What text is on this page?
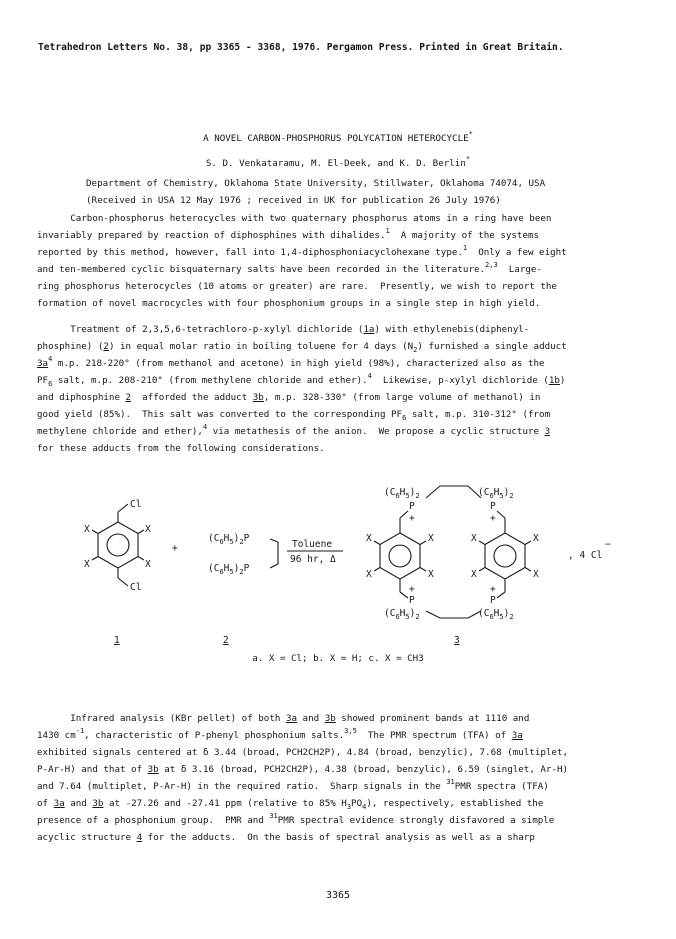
Tetrahedron Letters No. 38, pp 3365 - 3368, 1976. Pergamon Press. Printed in Great Britain.
A NOVEL CARBON-PHOSPHORUS POLYCATION HETEROCYCLE*
S. D. Venkataramu, M. El-Deek, and K. D. Berlin*
Department of Chemistry, Oklahoma State University, Stillwater, Oklahoma 74074, USA
(Received in USA 12 May 1976 ; received in UK for publication 26 July 1976)
Carbon-phosphorus heterocycles with two quaternary phosphorus atoms in a ring have been
invariably prepared by reaction of diphosphines with dihalides.$^1$  A majority of the systems
reported by this method, however, fall into 1,4-diphosphoniacyclohexane type.$^1$  Only a few eight
and ten-membered cyclic bisquaternary salts have been recorded in the literature.$^{2,3}$  Large-
ring phosphorus heterocycles (10 atoms or greater) are rare.  Presently, we wish to report the
formation of novel macrocycles with four phosphonium groups in a single step in high yield.
Treatment of 2,3,5,6-tetrachloro-p-xylyl dichloride (1a) with ethylenebis(diphenyl-
phosphine) (2) in equal molar ratio in boiling toluene for 4 days $(N_2)$ furnished a single adduct
$3a^4$ m.p. 218-220° (from methanol and acetone) in high yield (98%), characterized also as the
$PF_6$ salt, m.p. 208-210° (from methylene chloride and ether).$^4$  Likewise, p-xylyl dichloride (1b)
and diphosphine 2  afforded the adduct 3b, m.p. 328-330° (from large volume of methanol) in
good yield (85%).  This salt was converted to the corresponding $PF_6$ salt, m.p. 310-312° (from
methylene chloride and ether),$^4$ via metathesis of the anion.  We propose a cyclic structure 3
for these adducts from the following considerations.
Cl
Cl
X	X
X	X
+
$(C_6H_5)_2P$
$(C_6H_5)_2P$
Toluene
96 hr, Δ
$(C_6H_5)_2$	$(C_6H_5)_2$
P	P
+	+
X	X
X	X
X	X
X	X
+	+
P	P
$(C_6H_5)_2$	$(C_6H_5)_2$
, 4 Cl
−
1	2	3
a. X = Cl; b. X = H; c. X = CH3
Infrared analysis (KBr pellet) of both 3a and 3b showed prominent bands at 1110 and
1430 $cm^{-1}$, characteristic of P-phenyl phosphonium salts.$^{3,5}$  The PMR spectrum (TFA) of 3a
exhibited signals centered at δ 3.44 (broad, PCH2CH2P), 4.84 (broad, benzylic), 7.68 (multiplet,
P-Ar-H) and that of 3b at δ 3.16 (broad, PCH2CH2P), 4.38 (broad, benzylic), 6.59 (singlet, Ar-H)
and 7.64 (multiplet, P-Ar-H) in the required ratio.  Sharp signals in the $^{31}$PMR spectra (TFA)
of 3a and 3b at -27.26 and -27.41 ppm (relative to 85% $H_3PO_4$), respectively, established the
presence of a phosphonium group.  PMR and $^{31}$PMR spectral evidence strongly disfavored a simple
acyclic structure 4 for the adducts.  On the basis of spectral analysis as well as a sharp
3365
